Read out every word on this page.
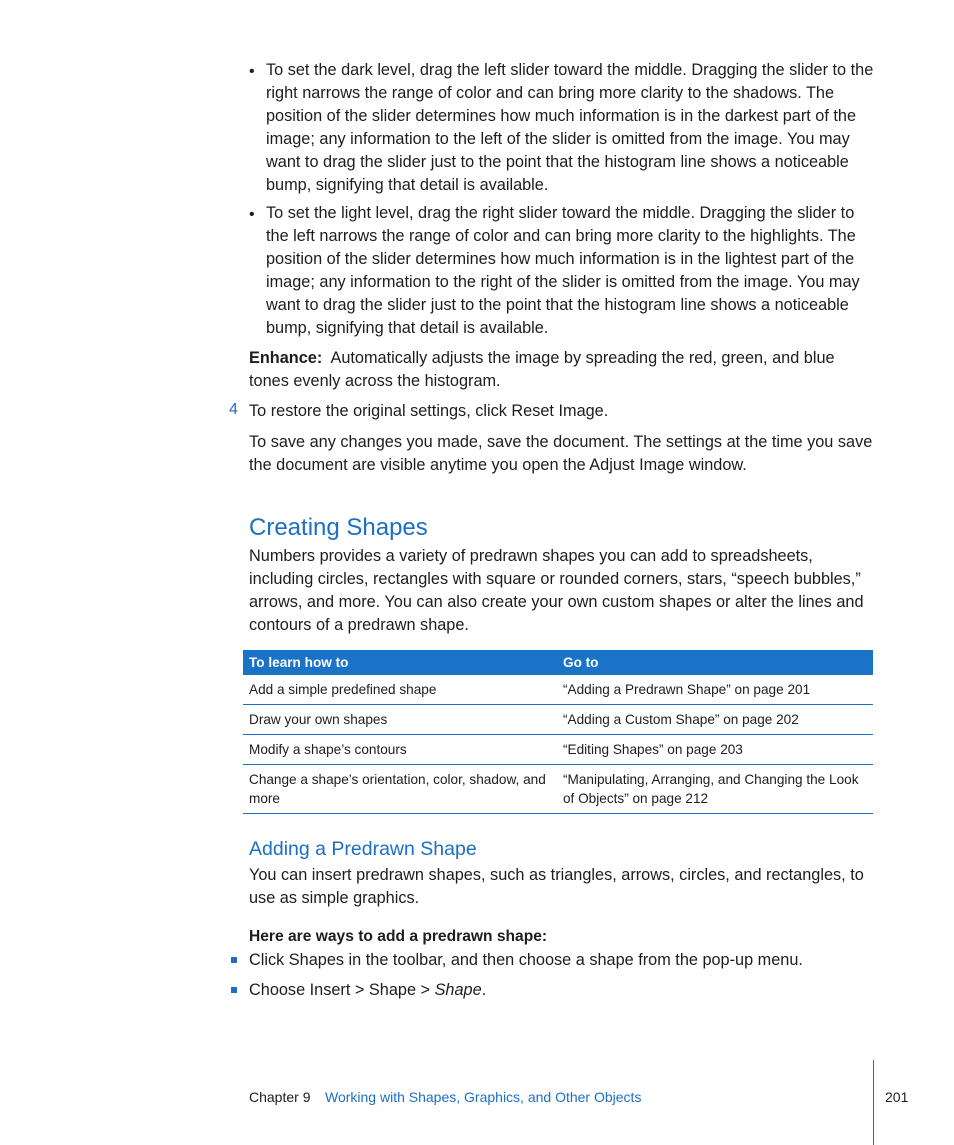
• To set the dark level, drag the left slider toward the middle. Dragging the slider to the right narrows the range of color and can bring more clarity to the shadows. The position of the slider determines how much information is in the darkest part of the image; any information to the left of the slider is omitted from the image. You may want to drag the slider just to the point that the histogram line shows a noticeable bump, signifying that detail is available.
• To set the light level, drag the right slider toward the middle. Dragging the slider to the left narrows the range of color and can bring more clarity to the highlights. The position of the slider determines how much information is in the lightest part of the image; any information to the right of the slider is omitted from the image. You may want to drag the slider just to the point that the histogram line shows a noticeable bump, signifying that detail is available.
Enhance: Automatically adjusts the image by spreading the red, green, and blue tones evenly across the histogram.
4 To restore the original settings, click Reset Image.
To save any changes you made, save the document. The settings at the time you save the document are visible anytime you open the Adjust Image window.
Creating Shapes
Numbers provides a variety of predrawn shapes you can add to spreadsheets, including circles, rectangles with square or rounded corners, stars, “speech bubbles,” arrows, and more. You can also create your own custom shapes or alter the lines and contours of a predrawn shape.
To learn how to	Go to
Add a simple predefined shape	“Adding a Predrawn Shape” on page 201
Draw your own shapes	“Adding a Custom Shape” on page 202
Modify a shape’s contours	“Editing Shapes” on page 203
Change a shape’s orientation, color, shadow, and more	“Manipulating, Arranging, and Changing the Look of Objects” on page 212
Adding a Predrawn Shape
You can insert predrawn shapes, such as triangles, arrows, circles, and rectangles, to use as simple graphics.
Here are ways to add a predrawn shape:
Click Shapes in the toolbar, and then choose a shape from the pop-up menu.
Choose Insert > Shape > Shape.
Chapter 9 Working with Shapes, Graphics, and Other Objects	201
